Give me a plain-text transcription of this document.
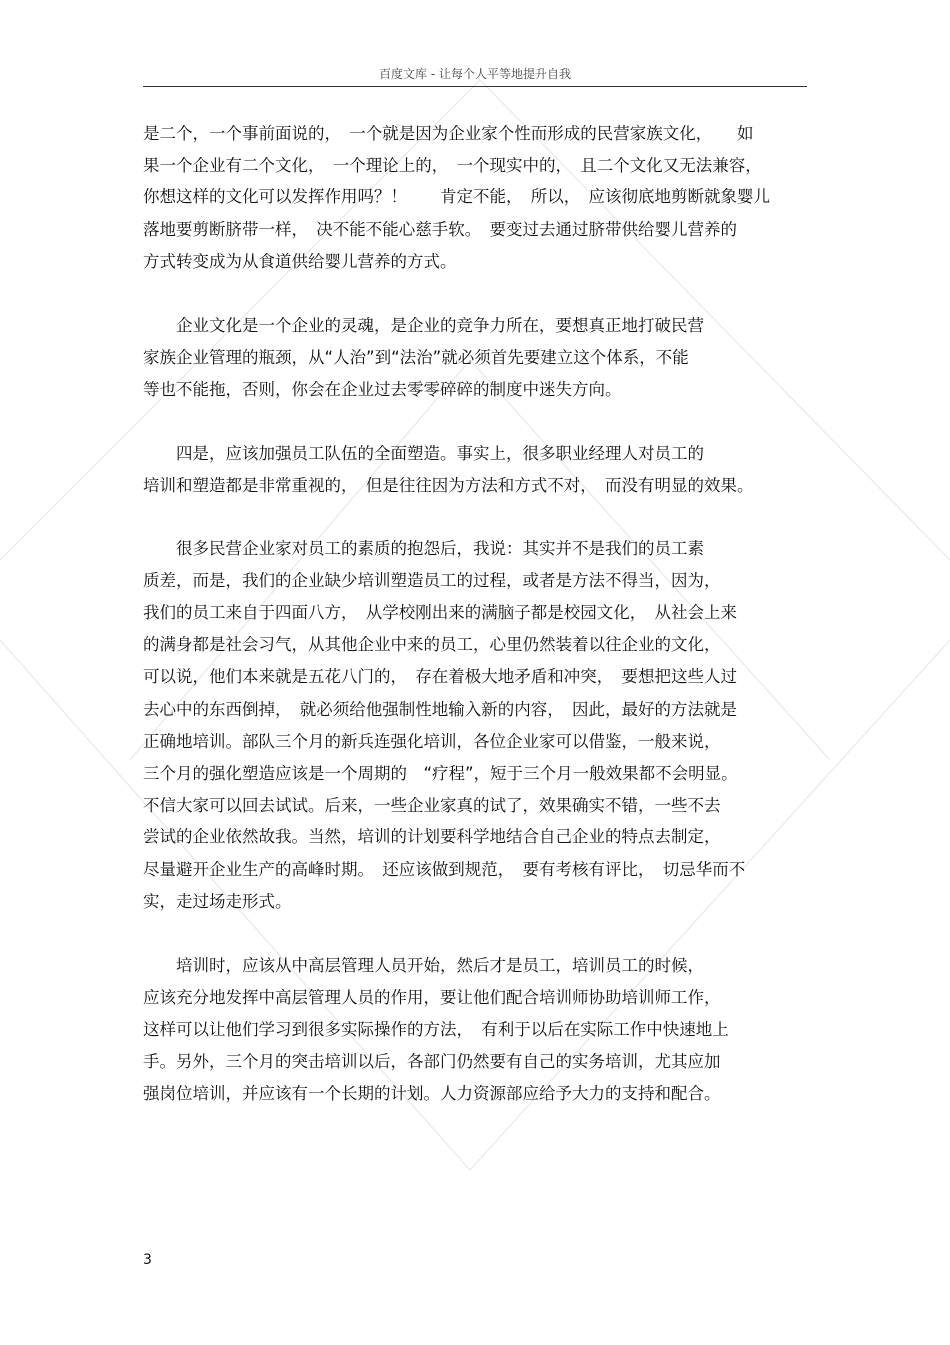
百度文库 - 让每个人平等地提升自我
是二个，一个事前面说的，　一个就是因为企业家个性而形成的民营家族文化，　　如
果一个企业有二个文化，　一个理论上的，　一个现实中的，　且二个文化又无法兼容，
你想这样的文化可以发挥作用吗？！　　肯定不能，　所以，　应该彻底地剪断就象婴儿
落地要剪断脐带一样，　决不能不能心慈手软。　要变过去通过脐带供给婴儿营养的
方式转变成为从食道供给婴儿营养的方式。
　　企业文化是一个企业的灵魂，是企业的竞争力所在，要想真正地打破民营
家族企业管理的瓶颈，从“人治”到“法治”就必须首先要建立这个体系，不能
等也不能拖，否则，你会在企业过去零零碎碎的制度中迷失方向。
　　四是，应该加强员工队伍的全面塑造。事实上，很多职业经理人对员工的
培训和塑造都是非常重视的，　但是往往因为方法和方式不对，　而没有明显的效果。
　　很多民营企业家对员工的素质的抱怨后，我说：其实并不是我们的员工素
质差，而是，我们的企业缺少培训塑造员工的过程，或者是方法不得当，因为，
我们的员工来自于四面八方，　从学校刚出来的满脑子都是校园文化，　从社会上来
的满身都是社会习气，从其他企业中来的员工，心里仍然装着以往企业的文化，
可以说，他们本来就是五花八门的，　存在着极大地矛盾和冲突，　要想把这些人过
去心中的东西倒掉，　就必须给他强制性地输入新的内容，　因此，最好的方法就是
正确地培训。部队三个月的新兵连强化培训，各位企业家可以借鉴，一般来说，
三个月的强化塑造应该是一个周期的　“疗程”，短于三个月一般效果都不会明显。
不信大家可以回去试试。后来，一些企业家真的试了，效果确实不错，一些不去
尝试的企业依然故我。当然，培训的计划要科学地结合自己企业的特点去制定，
尽量避开企业生产的高峰时期。　还应该做到规范，　要有考核有评比，　切忌华而不
实，走过场走形式。
　　培训时，应该从中高层管理人员开始，然后才是员工，培训员工的时候，
应该充分地发挥中高层管理人员的作用，要让他们配合培训师协助培训师工作，
这样可以让他们学习到很多实际操作的方法，　有利于以后在实际工作中快速地上
手。另外，三个月的突击培训以后，各部门仍然要有自己的实务培训，尤其应加
强岗位培训，并应该有一个长期的计划。人力资源部应给予大力的支持和配合。
3
